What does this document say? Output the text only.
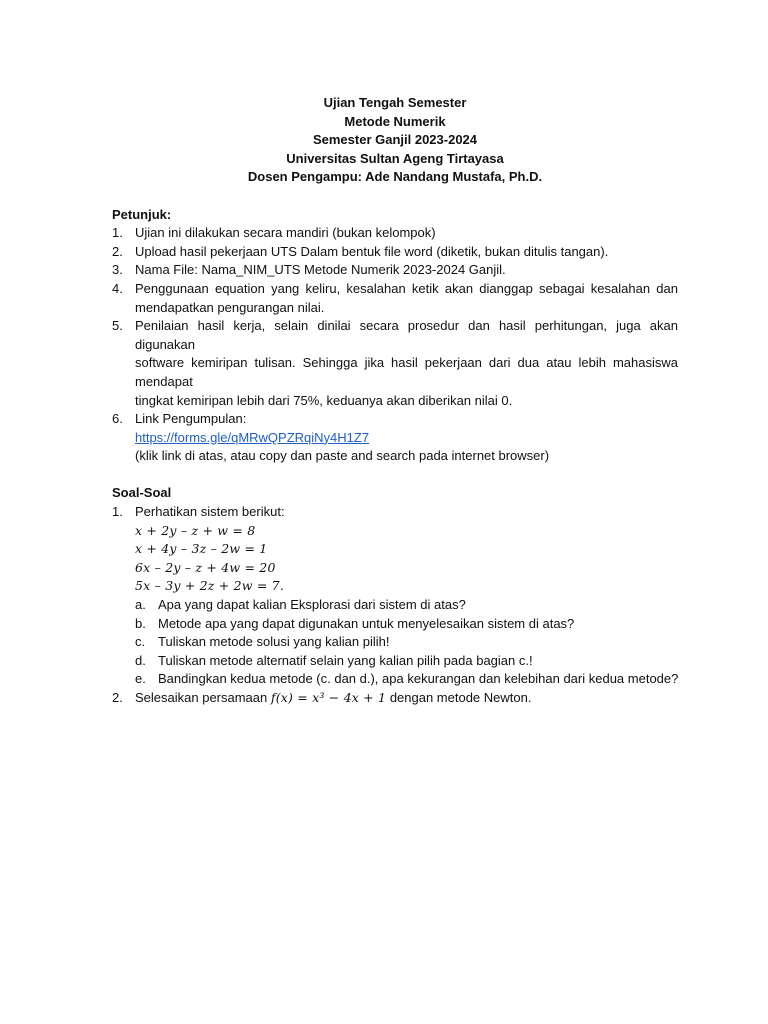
Ujian Tengah Semester
Metode Numerik
Semester Ganjil 2023-2024
Universitas Sultan Ageng Tirtayasa
Dosen Pengampu: Ade Nandang Mustafa, Ph.D.
Petunjuk:
1. Ujian ini dilakukan secara mandiri (bukan kelompok)
2. Upload hasil pekerjaan UTS Dalam bentuk file word (diketik, bukan ditulis tangan).
3. Nama File: Nama_NIM_UTS Metode Numerik 2023-2024 Ganjil.
4. Penggunaan equation yang keliru, kesalahan ketik akan dianggap sebagai kesalahan dan
mendapatkan pengurangan nilai.
5. Penilaian hasil kerja, selain dinilai secara prosedur dan hasil perhitungan, juga akan digunakan
software kemiripan tulisan. Sehingga jika hasil pekerjaan dari dua atau lebih mahasiswa mendapat
tingkat kemiripan lebih dari 75%, keduanya akan diberikan nilai 0.
6. Link Pengumpulan:
https://forms.gle/qMRwQPZRqiNy4H1Z7
(klik link di atas, atau copy dan paste and search pada internet browser)
Soal-Soal
1. Perhatikan sistem berikut:
x + 2y – z + w = 8
x + 4y – 3z – 2w = 1
6x – 2y – z + 4w = 20
5x – 3y + 2z + 2w = 7.
a. Apa yang dapat kalian Eksplorasi dari sistem di atas?
b. Metode apa yang dapat digunakan untuk menyelesaikan sistem di atas?
c. Tuliskan metode solusi yang kalian pilih!
d. Tuliskan metode alternatif selain yang kalian pilih pada bagian c.!
e. Bandingkan kedua metode (c. dan d.), apa kekurangan dan kelebihan dari kedua metode?
2. Selesaikan persamaan f(x) = x³ − 4x + 1 dengan metode Newton.
